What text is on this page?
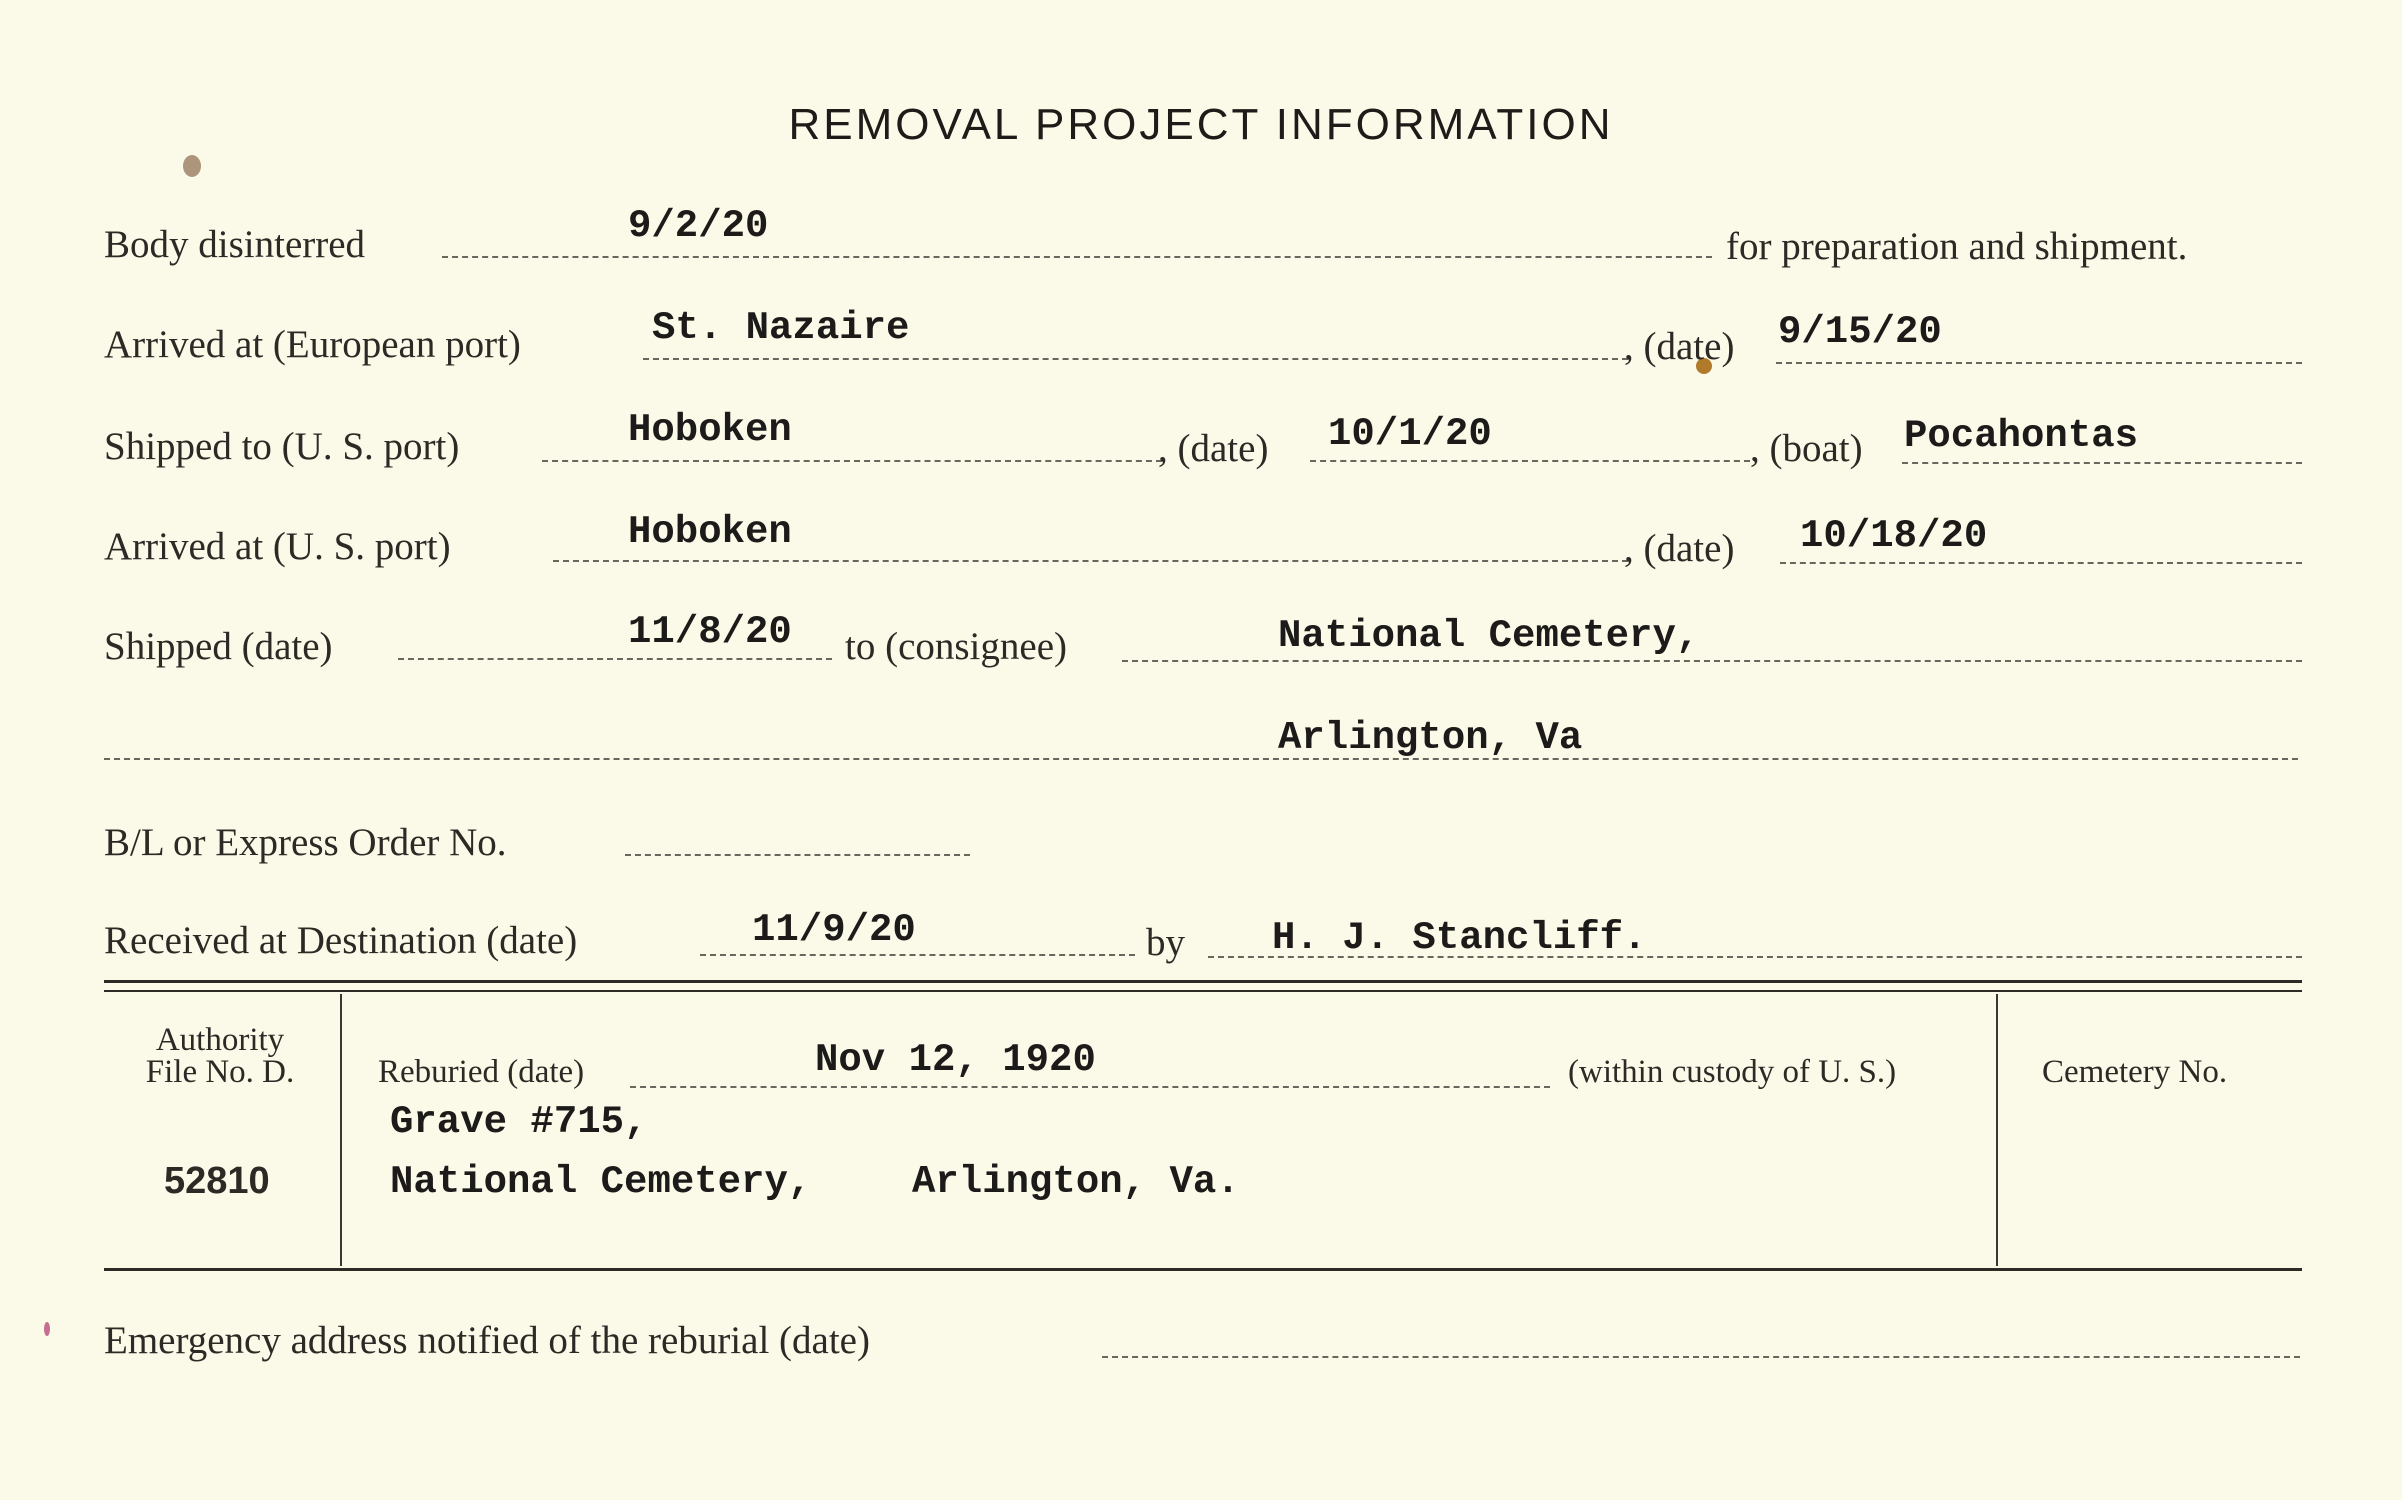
REMOVAL PROJECT INFORMATION
Body disinterred	9/2/20	for preparation and shipment.
Arrived at (European port)	St. Nazaire	, (date) 9/15/20
Shipped to (U. S. port)	Hoboken	, (date) 10/1/20	, (boat) Pocahontas
Arrived at (U. S. port)	Hoboken	, (date) 10/18/20
Shipped (date)	11/8/20 to (consignee)	National Cemetery,
Arlington, Va
B/L or Express Order No.
Received at Destination (date)	11/9/20	by H. J. Stancliff.
Authority
File No. D.
52810
Reburied (date)	Nov 12, 1920	(within custody of U. S.)
Grave #715,
National Cemetery,	Arlington, Va.
Cemetery No.
Emergency address notified of the reburial (date)
